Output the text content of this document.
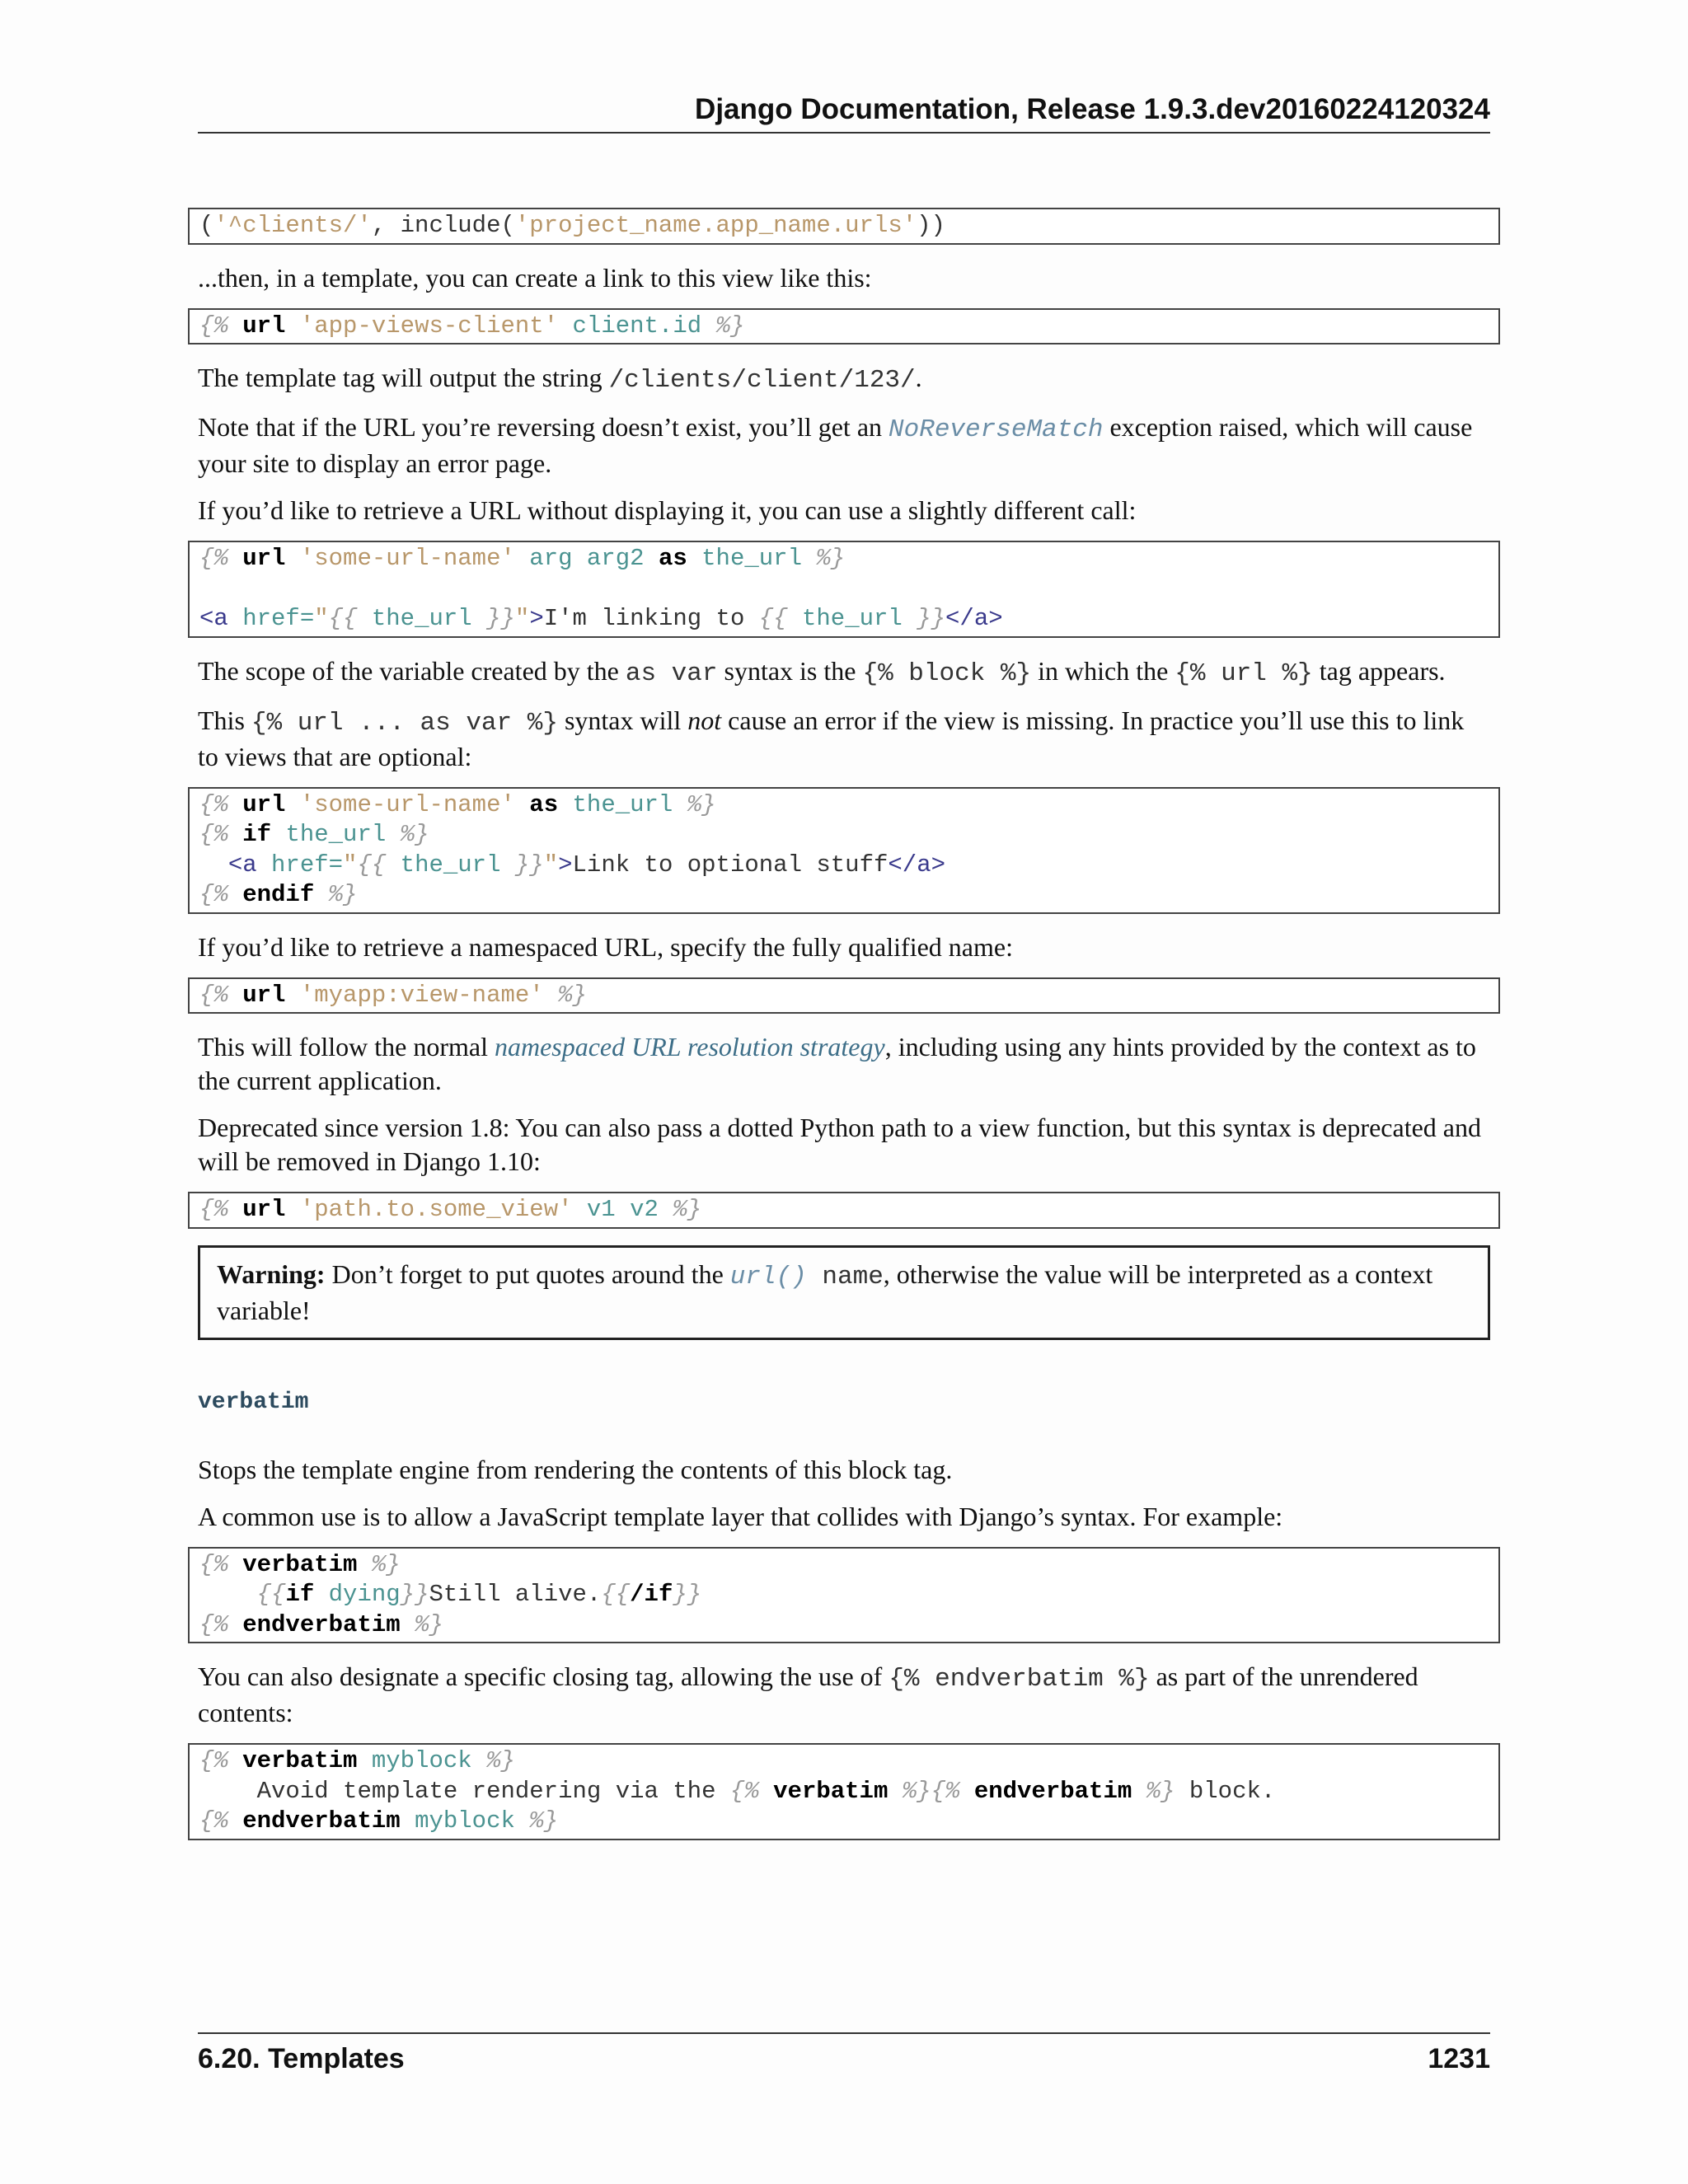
Django Documentation, Release 1.9.3.dev20160224120324
('^clients/', include('project_name.app_name.urls'))

...then, in a template, you can create a link to this view like this:

{% url 'app-views-client' client.id %}

The template tag will output the string /clients/client/123/.

Note that if the URL you’re reversing doesn’t exist, you’ll get an NoReverseMatch exception raised, which will cause your site to display an error page.

If you’d like to retrieve a URL without displaying it, you can use a slightly different call:

{% url 'some-url-name' arg arg2 as the_url %}

<a href="{{ the_url }}">I'm linking to {{ the_url }}</a>

The scope of the variable created by the as var syntax is the {% block %} in which the {% url %} tag appears.

This {% url ... as var %} syntax will not cause an error if the view is missing. In practice you’ll use this to link to views that are optional:

{% url 'some-url-name' as the_url %}
{% if the_url %}
<a href="{{ the_url }}">Link to optional stuff</a>
{% endif %}

If you’d like to retrieve a namespaced URL, specify the fully qualified name:

{% url 'myapp:view-name' %}

This will follow the normal namespaced URL resolution strategy, including using any hints provided by the context as to the current application.

Deprecated since version 1.8: You can also pass a dotted Python path to a view function, but this syntax is deprecated and will be removed in Django 1.10:

{% url 'path.to.some_view' v1 v2 %}

Warning: Don’t forget to put quotes around the url() name, otherwise the value will be interpreted as a context variable!

verbatim

Stops the template engine from rendering the contents of this block tag.

A common use is to allow a JavaScript template layer that collides with Django’s syntax. For example:

{% verbatim %}
{{if dying}}Still alive.{{/if}}
{% endverbatim %}

You can also designate a specific closing tag, allowing the use of {% endverbatim %} as part of the unrendered contents:

{% verbatim myblock %}
Avoid template rendering via the {% verbatim %}{% endverbatim %} block.
{% endverbatim myblock %}
6.20. Templates	1231
